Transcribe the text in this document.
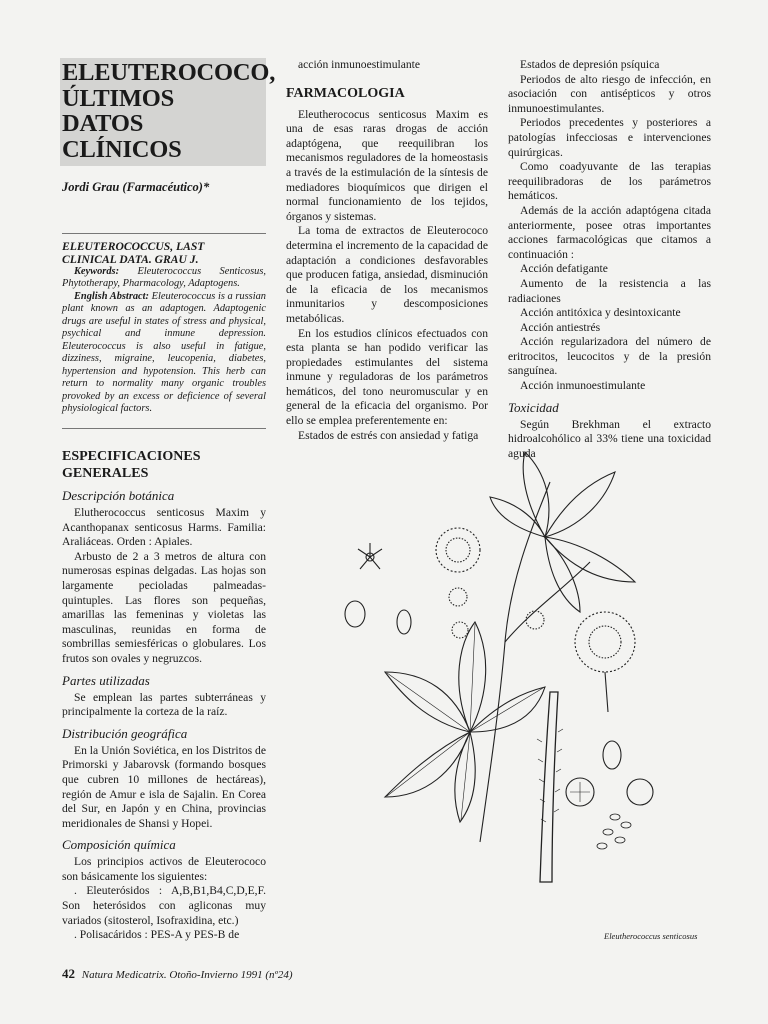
ELEUTEROCOCO,
ÚLTIMOS DATOS
CLÍNICOS
Jordi Grau (Farmacéutico)*
ELEUTEROCOCCUS, LAST
CLINICAL DATA. GRAU J.
Keywords: Eleuterococcus Senticosus, Phytotherapy, Pharmacology, Adaptogens.
English Abstract: Eleuterococcus is a russian plant known as an adaptogen. Adaptogenic drugs are useful in states of stress and physical, psychical and inmune depression. Eleuterococcus is also useful in fatigue, dizziness, migraine, leucopenia, diabetes, hypertension and hypotension. This herb can return to normality many organic troubles provoked by an excess or deficience of several physiological factors.
ESPECIFICACIONES GENERALES
Descripción botánica

Elutherococcus senticosus Maxim y Acanthopanax senticosus Harms. Familia: Araliáceas. Orden : Apiales.

Arbusto de 2 a 3 metros de altura con numerosas espinas delgadas. Las hojas son largamente pecioladas palmeadas-quintuples. Las flores son pequeñas, amarillas las femeninas y violetas las masculinas, reunidas en forma de sombrillas semiesféricas o globulares. Los frutos son ovales y negruzcos.

Partes utilizadas

Se emplean las partes subterráneas y principalmente la corteza de la raíz.

Distribución geográfica

En la Unión Soviética, en los Distritos de Primorski y Jabarovsk (formando bosques que cubren 10 millones de hectáreas), región de Amur e isla de Sajalin. En Corea del Sur, en Japón y en China, provincias meridionales de Shansi y Hopei.

Composición química

Los principios activos de Eleuterococo son básicamente los siguientes:

. Eleuterósidos : A,B,B1,B4,C,D,E,F. Son heterósidos con agliconas muy variados (sitosterol, Isofraxidina, etc.)

. Polisacáridos : PES-A y PES-B de

acción inmunoestimulante

FARMACOLOGIA

Eleutherococus senticosus Maxim es una de esas raras drogas de acción adaptógena, que reequilibran los mecanismos reguladores de la homeostasis a través de la estimulación de la síntesis de mediadores bioquímicos que dirigen el normal funcionamiento de los tejidos, órganos y sistemas.

La toma de extractos de Eleuterococo determina el incremento de la capacidad de adaptación a condiciones desfavorables que producen fatiga, ansiedad, disminución de la eficacia de los mecanismos inmunitarios y descomposiciones metabólicas.

En los estudios clínicos efectuados con esta planta se han podido verificar las propiedades estimulantes del sistema inmune y reguladoras de los parámetros hemáticos, del tono neuromuscular y en general de la eficacia del organismo. Por ello se emplea preferentemente en:

Estados de estrés con ansiedad y fatiga

Estados de depresión psíquica

Periodos de alto riesgo de infección, en asociación con antisépticos y otros inmunoestimulantes.

Periodos precedentes y posteriores a patologías infecciosas e intervenciones quirúrgicas.

Como coadyuvante de las terapias reequilibradoras de los parámetros hemáticos.

Además de la acción adaptógena citada anteriormente, posee otras importantes acciones farmacológicas que citamos a continuación :

Acción defatigante

Aumento de la resistencia a las radiaciones

Acción antitóxica y desintoxicante

Acción antiestrés

Acción regularizadora del número de eritrocitos, leucocitos y de la presión sanguínea.

Acción inmunoestimulante

Toxicidad

Según Brekhman el extracto hidroalcohólico al 33% tiene una toxicidad aguda

Eleutherococcus senticosus
42 Natura Medicatrix. Otoño-Invierno 1991 (nº24)
